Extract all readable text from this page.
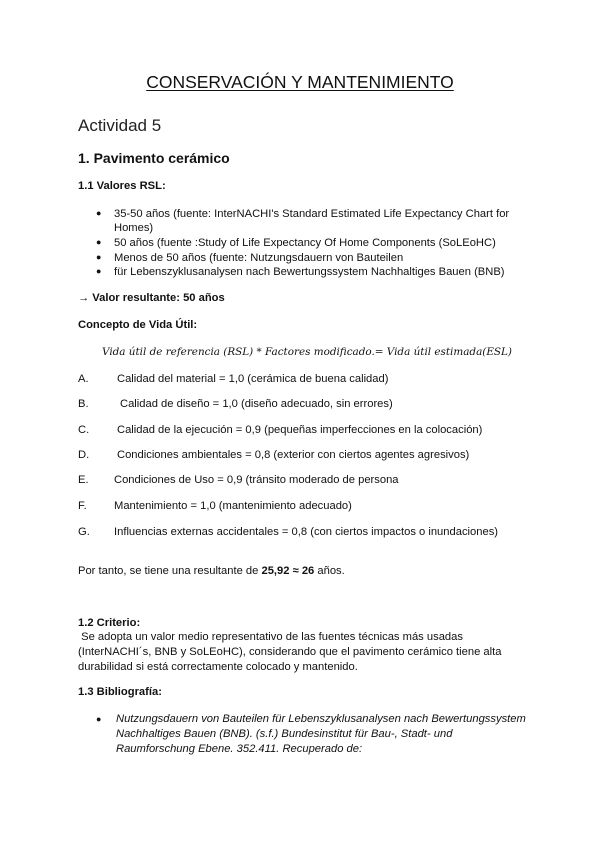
CONSERVACIÓN Y MANTENIMIENTO
Actividad 5
1. Pavimento cerámico
1.1 Valores RSL:
● 35-50 años (fuente: InterNACHI's Standard Estimated Life Expectancy Chart for
Homes)
● 50 años (fuente :Study of Life Expectancy Of Home Components (SoLEoHC)
● Menos de 50 años (fuente: Nutzungsdauern von Bauteilen
● für Lebenszyklusanalysen nach Bewertungssystem Nachhaltiges Bauen (BNB)
→ Valor resultante: 50 años
Concepto de Vida Útil:
Vida útil de referencia (RSL) * Factores modificado.= Vida útil estimada(ESL)
A.	Calidad del material = 1,0 (cerámica de buena calidad)
B.	Calidad de diseño = 1,0 (diseño adecuado, sin errores)
C. Calidad de la ejecución = 0,9 (pequeñas imperfecciones en la colocación)
D. Condiciones ambientales = 0,8 (exterior con ciertos agentes agresivos)
E. Condiciones de Uso = 0,9 (tránsito moderado de persona
F. Mantenimiento = 1,0 (mantenimiento adecuado)
G. Influencias externas accidentales = 0,8 (con ciertos impactos o inundaciones)
Por tanto, se tiene una resultante de 25,92 ≈ 26 años.
1.2 Criterio:
Se adopta un valor medio representativo de las fuentes técnicas más usadas
(InterNACHI´s, BNB y SoLEoHC), considerando que el pavimento cerámico tiene alta
durabilidad si está correctamente colocado y mantenido.
1.3 Bibliografía:
● Nutzungsdauern von Bauteilen für Lebenszyklusanalysen nach Bewertungssystem
Nachhaltiges Bauen (BNB). (s.f.) Bundesinstitut für Bau-, Stadt- und
Raumforschung Ebene. 352.411. Recuperado de:
